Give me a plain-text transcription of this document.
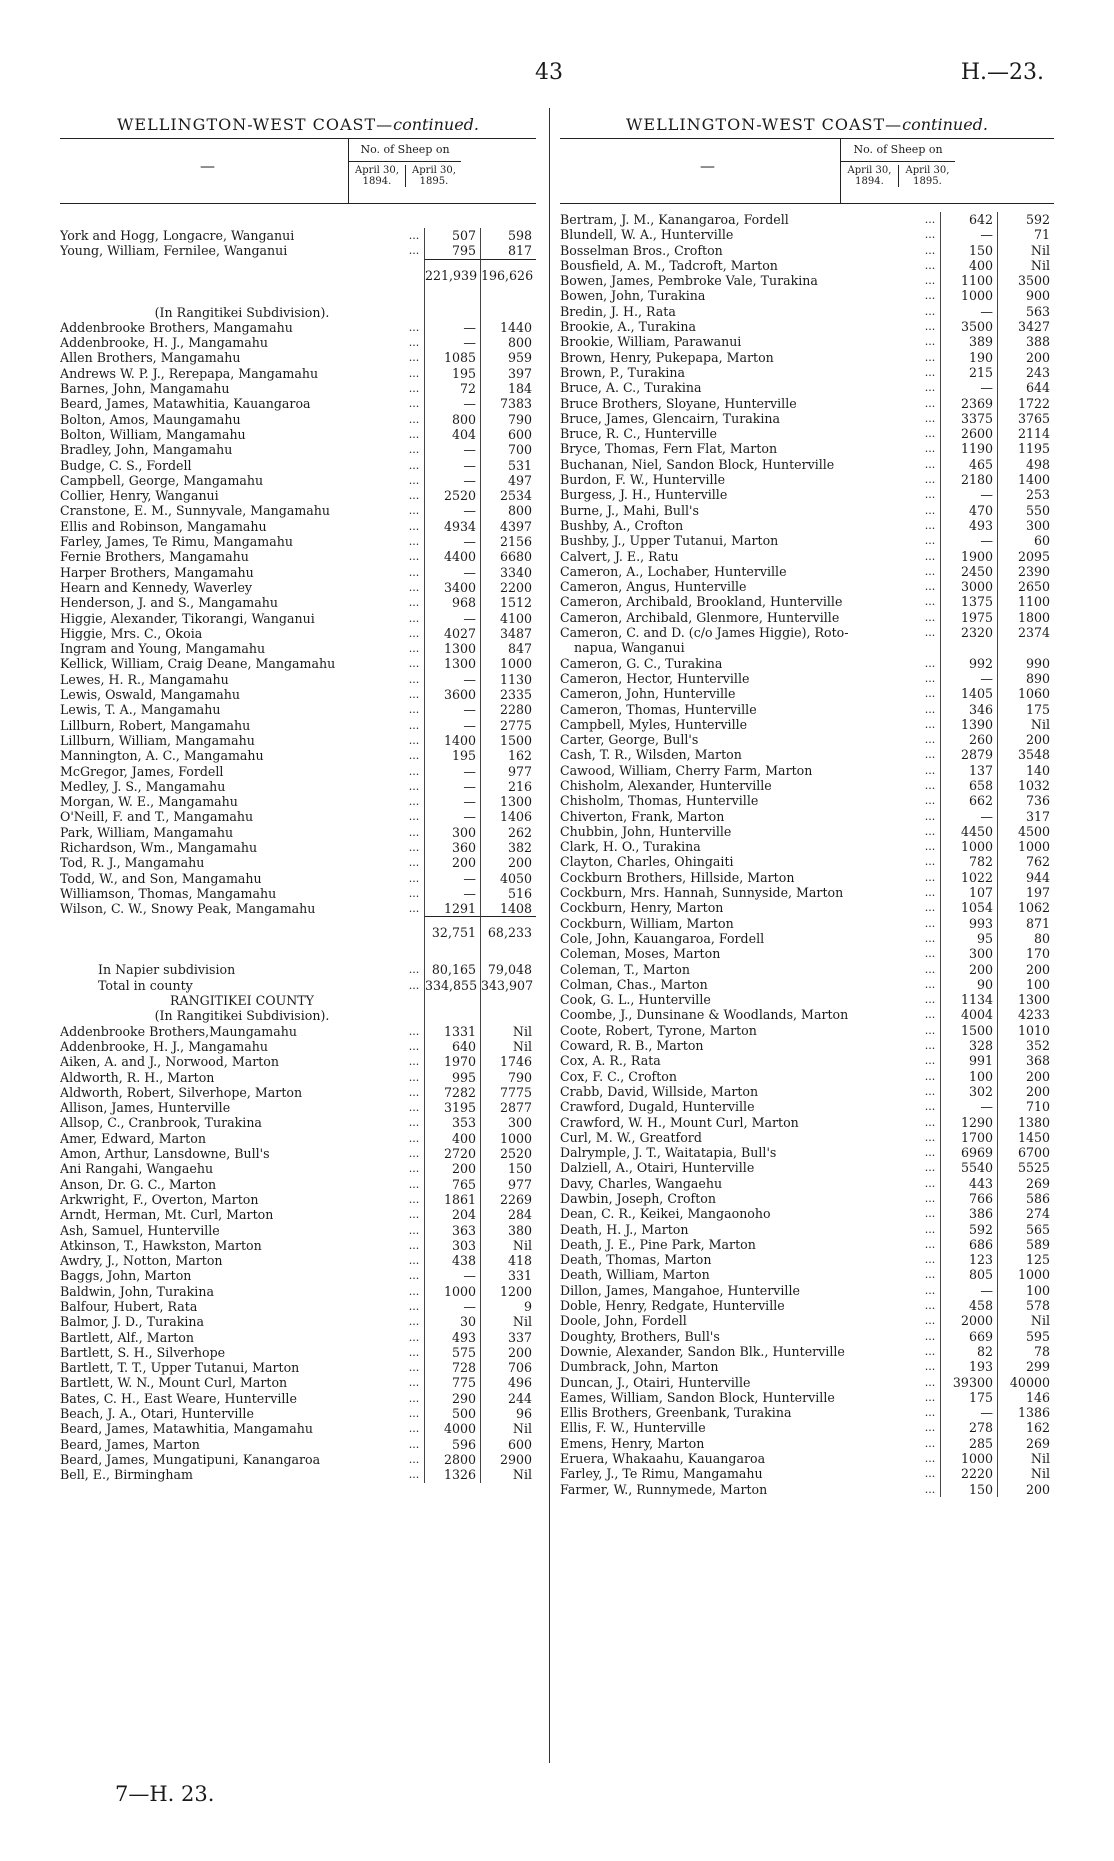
43	H.—23.
WELLINGTON-WEST COAST—continued.
—
No. of Sheep on
April 30,
1894.
April 30,
1895.
York and Hogg, Longacre, Wanganui	...	507	598
Young, William, Fernilee, Wanganui	...	795	817
221,939 196,626
(In Rangitikei Subdivision).
Addenbrooke Brothers, Mangamahu	...	—	1440
Addenbrooke, H. J., Mangamahu	...	—	800
Allen Brothers, Mangamahu	...	1085	959
Andrews W. P. J., Rerepapa, Mangamahu	...	195	397
Barnes, John, Mangamahu	...	72	184
Beard, James, Matawhitia, Kauangaroa	...	—	7383
Bolton, Amos, Maungamahu	...	800	790
Bolton, William, Mangamahu	...	404	600
Bradley, John, Mangamahu	...	—	700
Budge, C. S., Fordell	...	—	531
Campbell, George, Mangamahu	...	—	497
Collier, Henry, Wanganui	...	2520	2534
Cranstone, E. M., Sunnyvale, Mangamahu	...	—	800
Ellis and Robinson, Mangamahu	...	4934	4397
Farley, James, Te Rimu, Mangamahu	...	—	2156
Fernie Brothers, Mangamahu	...	4400	6680
Harper Brothers, Mangamahu	...	—	3340
Hearn and Kennedy, Waverley	...	3400	2200
Henderson, J. and S., Mangamahu	...	968	1512
Higgie, Alexander, Tikorangi, Wanganui	...	—	4100
Higgie, Mrs. C., Okoia	...	4027	3487
Ingram and Young, Mangamahu	...	1300	847
Kellick, William, Craig Deane, Mangamahu	...	1300	1000
Lewes, H. R., Mangamahu	...	—	1130
Lewis, Oswald, Mangamahu	...	3600	2335
Lewis, T. A., Mangamahu	...	—	2280
Lillburn, Robert, Mangamahu	...	—	2775
Lillburn, William, Mangamahu	...	1400	1500
Mannington, A. C., Mangamahu	...	195	162
McGregor, James, Fordell	...	—	977
Medley, J. S., Mangamahu	...	—	216
Morgan, W. E., Mangamahu	...	—	1300
O'Neill, F. and T., Mangamahu	...	—	1406
Park, William, Mangamahu	...	300	262
Richardson, Wm., Mangamahu	...	360	382
Tod, R. J., Mangamahu	...	200	200
Todd, W., and Son, Mangamahu	...	—	4050
Williamson, Thomas, Mangamahu	...	—	516
Wilson, C. W., Snowy Peak, Mangamahu	...	1291	1408
32,751 68,233
In Napier subdivision	...	80,165 79,048
Total in county	... 334,855 343,907
RANGITIKEI COUNTY
(In Rangitikei Subdivision).
Addenbrooke Brothers,Maungamahu	...	1331	Nil
Addenbrooke, H. J., Mangamahu	...	640	Nil
Aiken, A. and J., Norwood, Marton	...	1970	1746
Aldworth, R. H., Marton	...	995	790
Aldworth, Robert, Silverhope, Marton	...	7282	7775
Allison, James, Hunterville	...	3195	2877
Allsop, C., Cranbrook, Turakina	...	353	300
Amer, Edward, Marton	...	400	1000
Amon, Arthur, Lansdowne, Bull's	...	2720	2520
Ani Rangahi, Wangaehu	...	200	150
Anson, Dr. G. C., Marton	...	765	977
Arkwright, F., Overton, Marton	...	1861	2269
Arndt, Herman, Mt. Curl, Marton	...	204	284
Ash, Samuel, Hunterville	...	363	380
Atkinson, T., Hawkston, Marton	...	303	Nil
Awdry, J., Notton, Marton	...	438	418
Baggs, John, Marton	...	—	331
Baldwin, John, Turakina	...	1000	1200
Balfour, Hubert, Rata	...	—	9
Balmor, J. D., Turakina	...	30	Nil
Bartlett, Alf., Marton	...	493	337
Bartlett, S. H., Silverhope	...	575	200
Bartlett, T. T., Upper Tutanui, Marton	...	728	706
Bartlett, W. N., Mount Curl, Marton	...	775	496
Bates, C. H., East Weare, Hunterville	...	290	244
Beach, J. A., Otari, Hunterville	...	500	96
Beard, James, Matawhitia, Mangamahu	...	4000	Nil
Beard, James, Marton	...	596	600
Beard, James, Mungatipuni, Kanangaroa	...	2800	2900
Bell, E., Birmingham	...	1326	Nil
WELLINGTON-WEST COAST—continued.
—
No. of Sheep on
April 30,
1894.
April 30,
1895.
Bertram, J. M., Kanangaroa, Fordell	...	642	592
Blundell, W. A., Hunterville	...	—	71
Bosselman Bros., Crofton	...	150	Nil
Bousfield, A. M., Tadcroft, Marton	...	400	Nil
Bowen, James, Pembroke Vale, Turakina	...	1100	3500
Bowen, John, Turakina	...	1000	900
Bredin, J. H., Rata	...	—	563
Brookie, A., Turakina	...	3500	3427
Brookie, William, Parawanui	...	389	388
Brown, Henry, Pukepapa, Marton	...	190	200
Brown, P., Turakina	...	215	243
Bruce, A. C., Turakina	...	—	644
Bruce Brothers, Sloyane, Hunterville	...	2369	1722
Bruce, James, Glencairn, Turakina	...	3375	3765
Bruce, R. C., Hunterville	...	2600	2114
Bryce, Thomas, Fern Flat, Marton	...	1190	1195
Buchanan, Niel, Sandon Block, Hunterville	...	465	498
Burdon, F. W., Hunterville	...	2180	1400
Burgess, J. H., Hunterville	...	—	253
Burne, J., Mahi, Bull's	...	470	550
Bushby, A., Crofton	...	493	300
Bushby, J., Upper Tutanui, Marton	...	—	60
Calvert, J. E., Ratu	...	1900	2095
Cameron, A., Lochaber, Hunterville	...	2450	2390
Cameron, Angus, Hunterville	...	3000	2650
Cameron, Archibald, Brookland, Hunterville	...	1375	1100
Cameron, Archibald, Glenmore, Hunterville	...	1975	1800
Cameron, C. and D. (c/o James Higgie), Roto-	...	2320	2374
napua, Wanganui
Cameron, G. C., Turakina	...	992	990
Cameron, Hector, Hunterville	...	—	890
Cameron, John, Hunterville	...	1405	1060
Cameron, Thomas, Hunterville	...	346	175
Campbell, Myles, Hunterville	...	1390	Nil
Carter, George, Bull's	...	260	200
Cash, T. R., Wilsden, Marton	...	2879	3548
Cawood, William, Cherry Farm, Marton	...	137	140
Chisholm, Alexander, Hunterville	...	658	1032
Chisholm, Thomas, Hunterville	...	662	736
Chiverton, Frank, Marton	...	—	317
Chubbin, John, Hunterville	...	4450	4500
Clark, H. O., Turakina	...	1000	1000
Clayton, Charles, Ohingaiti	...	782	762
Cockburn Brothers, Hillside, Marton	...	1022	944
Cockburn, Mrs. Hannah, Sunnyside, Marton	...	107	197
Cockburn, Henry, Marton	...	1054	1062
Cockburn, William, Marton	...	993	871
Cole, John, Kauangaroa, Fordell	...	95	80
Coleman, Moses, Marton	...	300	170
Coleman, T., Marton	...	200	200
Colman, Chas., Marton	...	90	100
Cook, G. L., Hunterville	...	1134	1300
Coombe, J., Dunsinane & Woodlands, Marton	...	4004	4233
Coote, Robert, Tyrone, Marton	...	1500	1010
Coward, R. B., Marton	...	328	352
Cox, A. R., Rata	...	991	368
Cox, F. C., Crofton	...	100	200
Crabb, David, Willside, Marton	...	302	200
Crawford, Dugald, Hunterville	...	—	710
Crawford, W. H., Mount Curl, Marton	...	1290	1380
Curl, M. W., Greatford	...	1700	1450
Dalrymple, J. T., Waitatapia, Bull's	...	6969	6700
Dalziell, A., Otairi, Hunterville	...	5540	5525
Davy, Charles, Wangaehu	...	443	269
Dawbin, Joseph, Crofton	...	766	586
Dean, C. R., Keikei, Mangaonoho	...	386	274
Death, H. J., Marton	...	592	565
Death, J. E., Pine Park, Marton	...	686	589
Death, Thomas, Marton	...	123	125
Death, William, Marton	...	805	1000
Dillon, James, Mangahoe, Hunterville	...	—	100
Doble, Henry, Redgate, Hunterville	...	458	578
Doole, John, Fordell	...	2000	Nil
Doughty, Brothers, Bull's	...	669	595
Downie, Alexander, Sandon Blk., Hunterville	...	82	78
Dumbrack, John, Marton	...	193	299
Duncan, J., Otairi, Hunterville	...	39300	40000
Eames, William, Sandon Block, Hunterville	...	175	146
Ellis Brothers, Greenbank, Turakina	...	—	1386
Ellis, F. W., Hunterville	...	278	162
Emens, Henry, Marton	...	285	269
Eruera, Whakaahu, Kauangaroa	...	1000	Nil
Farley, J., Te Rimu, Mangamahu	...	2220	Nil
Farmer, W., Runnymede, Marton	...	150	200
7—H. 23.
